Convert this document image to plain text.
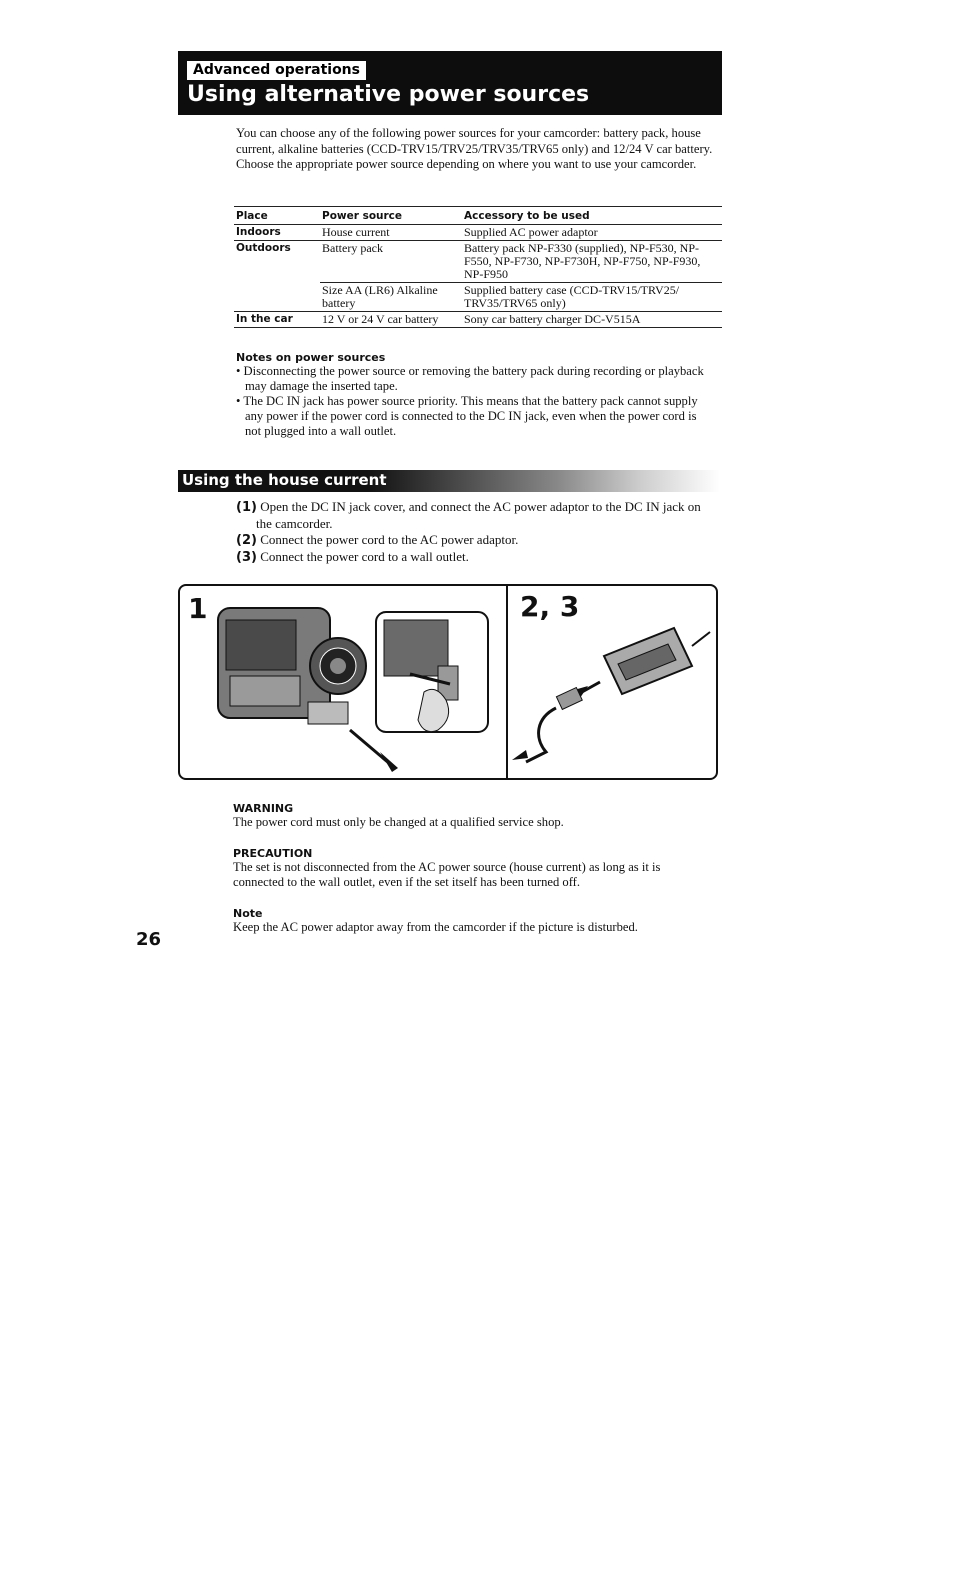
Advanced operations
Using alternative power sources
You can choose any of the following power sources for your camcorder: battery pack, house current, alkaline batteries (CCD-TRV15/TRV25/TRV35/TRV65 only) and 12/24 V car battery. Choose the appropriate power source depending on where you want to use your camcorder.
Place	Power source	Accessory to be used
Indoors	House current	Supplied AC power adaptor
Outdoors	Battery pack	Battery pack NP-F330 (supplied), NP-F530, NP-F550, NP-F730, NP-F730H, NP-F750, NP-F930, NP-F950
	Size AA (LR6) Alkaline battery	Supplied battery case (CCD-TRV15/TRV25/ TRV35/TRV65 only)
In the car	12 V or 24 V car battery	Sony car battery charger DC-V515A
Notes on power sources
• Disconnecting the power source or removing the battery pack during recording or playback may damage the inserted tape.
• The DC IN jack has power source priority. This means that the battery pack cannot supply any power if the power cord is connected to the DC IN jack, even when the power cord is not plugged into a wall outlet.
Using the house current
(1) Open the DC IN jack cover, and connect the AC power adaptor to the DC IN jack on the camcorder.
(2) Connect the power cord to the AC power adaptor.
(3) Connect the power cord to a wall outlet.
1	2, 3
WARNING
The power cord must only be changed at a qualified service shop.
PRECAUTION
The set is not disconnected from the AC power source (house current) as long as it is connected to the wall outlet, even if the set itself has been turned off.
Note
Keep the AC power adaptor away from the camcorder if the picture is disturbed.
26
